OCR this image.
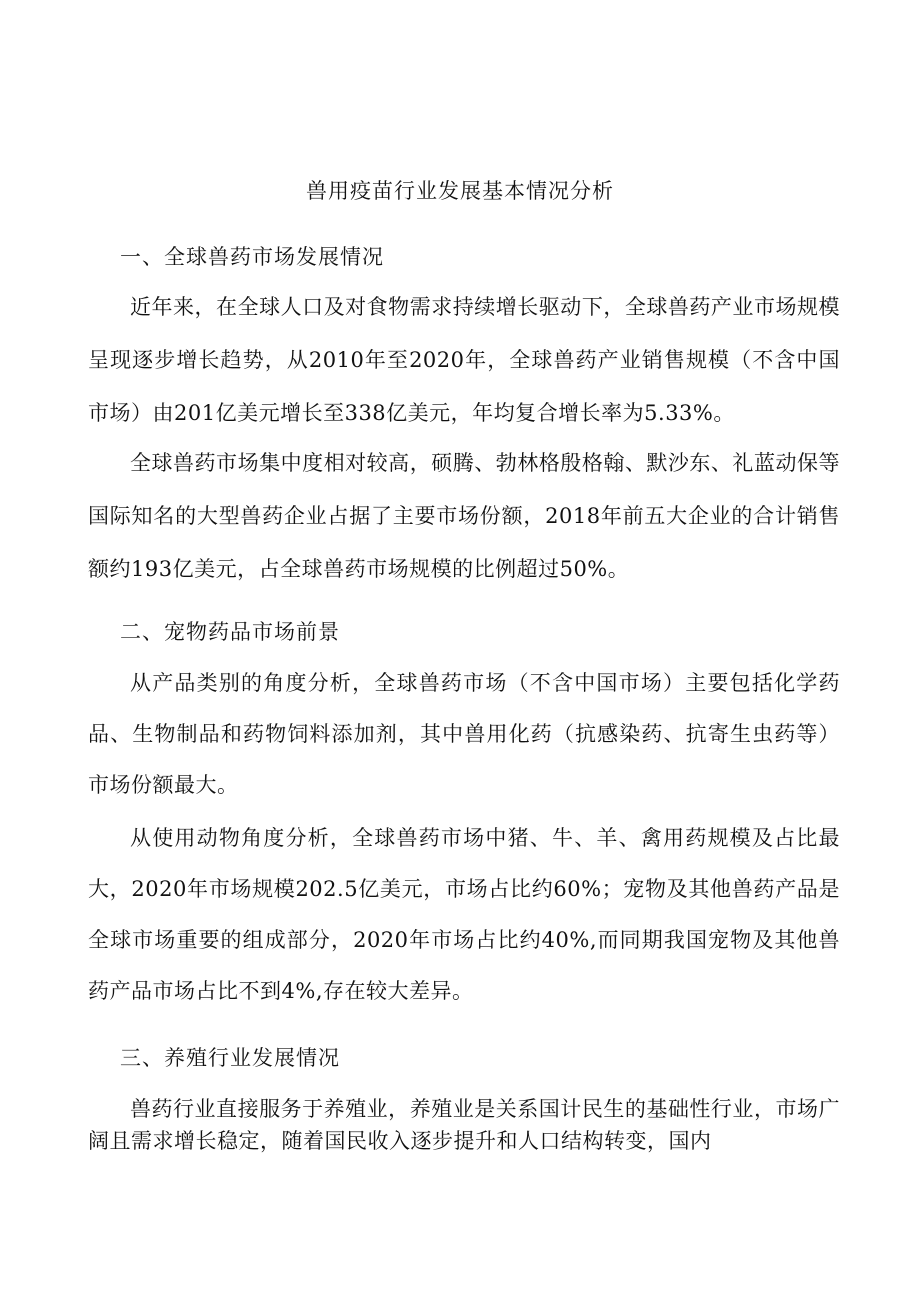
兽用疫苗行业发展基本情况分析
一、全球兽药市场发展情况
近年来，在全球人口及对食物需求持续增长驱动下，全球兽药产业市场规模呈现逐步增长趋势，从2010年至2020年，全球兽药产业销售规模（不含中国市场）由201亿美元增长至338亿美元，年均复合增长率为5.33%。
全球兽药市场集中度相对较高，硕腾、勃林格殷格翰、默沙东、礼蓝动保等国际知名的大型兽药企业占据了主要市场份额，2018年前五大企业的合计销售额约193亿美元，占全球兽药市场规模的比例超过50%。
二、宠物药品市场前景
从产品类别的角度分析，全球兽药市场（不含中国市场）主要包括化学药品、生物制品和药物饲料添加剂，其中兽用化药（抗感染药、抗寄生虫药等）市场份额最大。
从使用动物角度分析，全球兽药市场中猪、牛、羊、禽用药规模及占比最大，2020年市场规模202.5亿美元，市场占比约60%；宠物及其他兽药产品是全球市场重要的组成部分，2020年市场占比约40%,而同期我国宠物及其他兽药产品市场占比不到4%,存在较大差异。
三、养殖行业发展情况
兽药行业直接服务于养殖业，养殖业是关系国计民生的基础性行业，市场广阔且需求增长稳定，随着国民收入逐步提升和人口结构转变，国内
